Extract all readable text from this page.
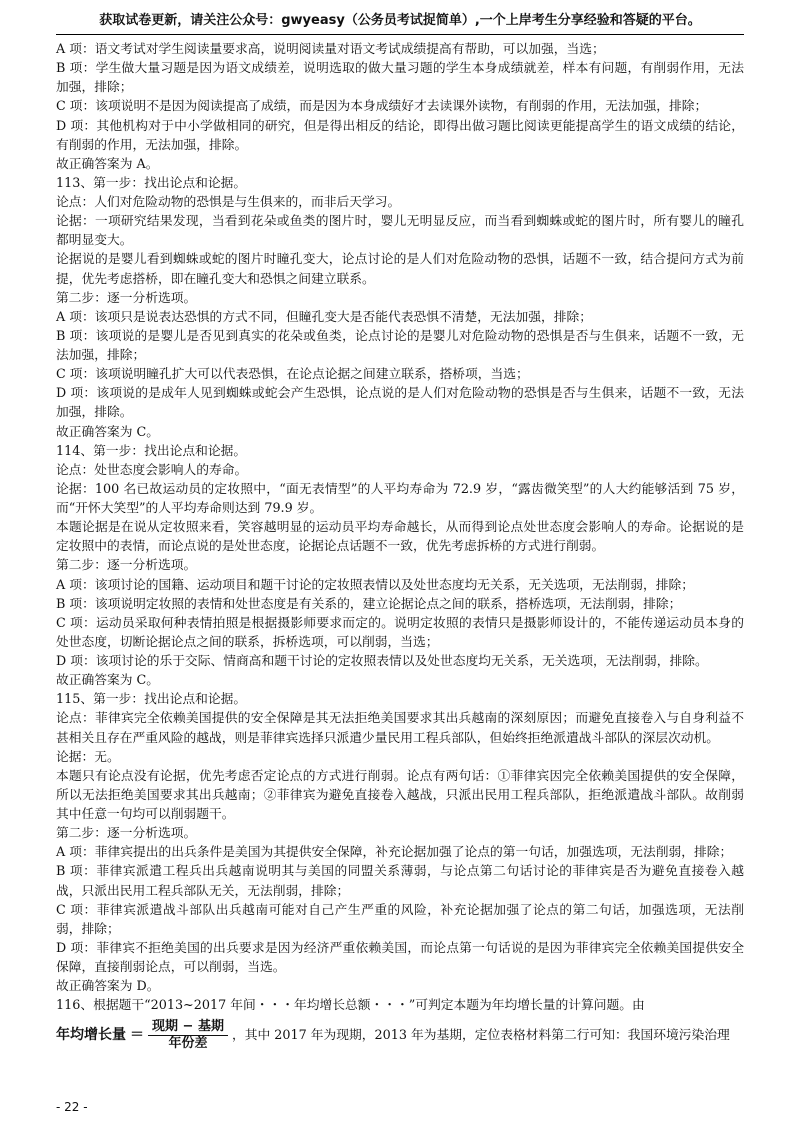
获取试卷更新，请关注公众号：gwyeasy（公务员考试捉简单）,一个上岸考生分享经验和答疑的平台。

A 项：语文考试对学生阅读量要求高，说明阅读量对语文考试成绩提高有帮助，可以加强，当选；

B 项：学生做大量习题是因为语文成绩差，说明选取的做大量习题的学生本身成绩就差，样本有问题，有削弱作用，无法加强，排除；

C 项：该项说明不是因为阅读提高了成绩，而是因为本身成绩好才去读课外读物，有削弱的作用，无法加强，排除；

D 项：其他机构对于中小学做相同的研究，但是得出相反的结论，即得出做习题比阅读更能提高学生的语文成绩的结论，有削弱的作用，无法加强，排除。

故正确答案为 A。

113、第一步：找出论点和论据。

论点：人们对危险动物的恐惧是与生俱来的，而非后天学习。

论据：一项研究结果发现，当看到花朵或鱼类的图片时，婴儿无明显反应，而当看到蜘蛛或蛇的图片时，所有婴儿的瞳孔都明显变大。

论据说的是婴儿看到蜘蛛或蛇的图片时瞳孔变大，论点讨论的是人们对危险动物的恐惧，话题不一致，结合提问方式为前提，优先考虑搭桥，即在瞳孔变大和恐惧之间建立联系。

第二步：逐一分析选项。

A 项：该项只是说表达恐惧的方式不同，但瞳孔变大是否能代表恐惧不清楚，无法加强，排除；

B 项：该项说的是婴儿是否见到真实的花朵或鱼类，论点讨论的是婴儿对危险动物的恐惧是否与生俱来，话题不一致，无法加强，排除；

C 项：该项说明瞳孔扩大可以代表恐惧，在论点论据之间建立联系，搭桥项，当选；

D 项：该项说的是成年人见到蜘蛛或蛇会产生恐惧，论点说的是人们对危险动物的恐惧是否与生俱来，话题不一致，无法加强，排除。

故正确答案为 C。

114、第一步：找出论点和论据。

论点：处世态度会影响人的寿命。

论据：100 名已故运动员的定妆照中，“面无表情型”的人平均寿命为 72.9 岁，“露齿微笑型”的人大约能够活到 75 岁，而“开怀大笑型”的人平均寿命则达到 79.9 岁。

本题论据是在说从定妆照来看，笑容越明显的运动员平均寿命越长，从而得到论点处世态度会影响人的寿命。论据说的是定妆照中的表情，而论点说的是处世态度，论据论点话题不一致，优先考虑拆桥的方式进行削弱。

第二步：逐一分析选项。

A 项：该项讨论的国籍、运动项目和题干讨论的定妆照表情以及处世态度均无关系，无关选项，无法削弱，排除；

B 项：该项说明定妆照的表情和处世态度是有关系的，建立论据论点之间的联系，搭桥选项，无法削弱，排除；

C 项：运动员采取何种表情拍照是根据摄影师要求而定的。说明定妆照的表情只是摄影师设计的，不能传递运动员本身的处世态度，切断论据论点之间的联系，拆桥选项，可以削弱，当选；

D 项：该项讨论的乐于交际、情商高和题干讨论的定妆照表情以及处世态度均无关系，无关选项，无法削弱，排除。

故正确答案为 C。

115、第一步：找出论点和论据。

论点：菲律宾完全依赖美国提供的安全保障是其无法拒绝美国要求其出兵越南的深刻原因；而避免直接卷入与自身利益不甚相关且存在严重风险的越战，则是菲律宾选择只派遣少量民用工程兵部队，但始终拒绝派遣战斗部队的深层次动机。

论据：无。

本题只有论点没有论据，优先考虑否定论点的方式进行削弱。论点有两句话：①菲律宾因完全依赖美国提供的安全保障，所以无法拒绝美国要求其出兵越南；②菲律宾为避免直接卷入越战，只派出民用工程兵部队，拒绝派遣战斗部队。故削弱其中任意一句均可以削弱题干。

第二步：逐一分析选项。

A 项：菲律宾提出的出兵条件是美国为其提供安全保障，补充论据加强了论点的第一句话，加强选项，无法削弱，排除；

B 项：菲律宾派遣工程兵出兵越南说明其与美国的同盟关系薄弱，与论点第二句话讨论的菲律宾是否为避免直接卷入越战，只派出民用工程兵部队无关，无法削弱，排除；

C 项：菲律宾派遣战斗部队出兵越南可能对自己产生严重的风险，补充论据加强了论点的第二句话，加强选项，无法削弱，排除；

D 项：菲律宾不拒绝美国的出兵要求是因为经济严重依赖美国，而论点第一句话说的是因为菲律宾完全依赖美国提供安全保障，直接削弱论点，可以削弱，当选。

故正确答案为 D。

116、根据题干“2013~2017 年间・・・年均增长总额・・・”可判定本题为年均增长量的计算问题。由

年均增长量 ＝ $\frac{\text{现期 − 基期}}{\text{年份差}}$ ，其中 2017 年为现期，2013 年为基期，定位表格材料第二行可知：我国环境污染治理
- 22 -
